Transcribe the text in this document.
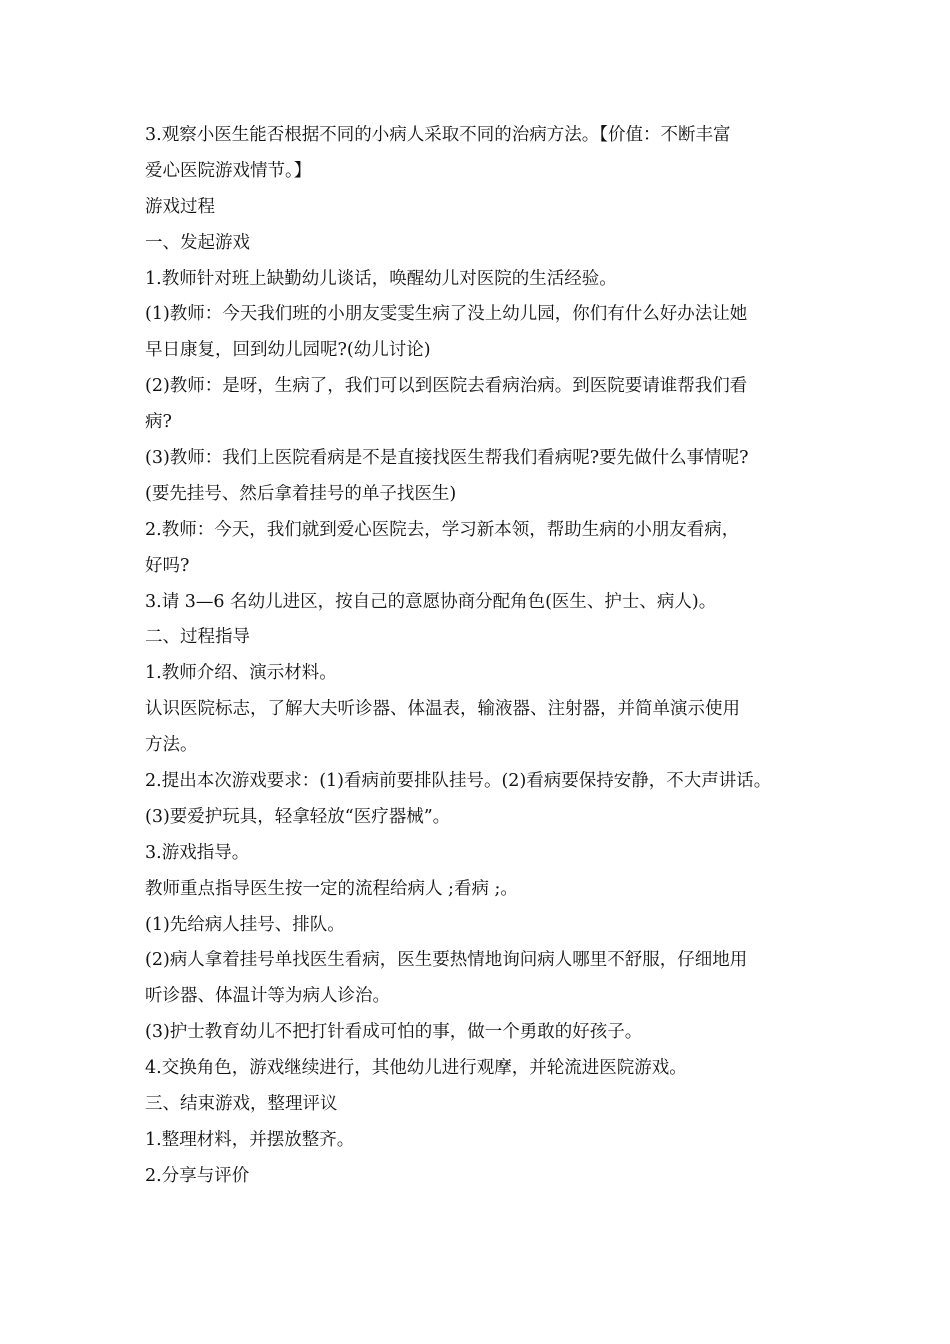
3.观察小医生能否根据不同的小病人采取不同的治病方法。【价值：不断丰富
爱心医院游戏情节。】
游戏过程
一、发起游戏
1.教师针对班上缺勤幼儿谈话，唤醒幼儿对医院的生活经验。
(1)教师：今天我们班的小朋友雯雯生病了没上幼儿园，你们有什么好办法让她
早日康复，回到幼儿园呢?(幼儿讨论)
(2)教师：是呀，生病了，我们可以到医院去看病治病。到医院要请谁帮我们看
病?
(3)教师：我们上医院看病是不是直接找医生帮我们看病呢?要先做什么事情呢?
(要先挂号、然后拿着挂号的单子找医生)
2.教师：今天，我们就到爱心医院去，学习新本领，帮助生病的小朋友看病，
好吗?
3.请 3—6 名幼儿进区，按自己的意愿协商分配角色(医生、护士、病人)。
二、过程指导
1.教师介绍、演示材料。
认识医院标志，了解大夫听诊器、体温表，输液器、注射器，并简单演示使用
方法。
2.提出本次游戏要求：(1)看病前要排队挂号。(2)看病要保持安静，不大声讲话。
(3)要爱护玩具，轻拿轻放“医疗器械”。
3.游戏指导。
教师重点指导医生按一定的流程给病人 ;看病 ;。
(1)先给病人挂号、排队。
(2)病人拿着挂号单找医生看病，医生要热情地询问病人哪里不舒服，仔细地用
听诊器、体温计等为病人诊治。
(3)护士教育幼儿不把打针看成可怕的事，做一个勇敢的好孩子。
4.交换角色，游戏继续进行，其他幼儿进行观摩，并轮流进医院游戏。
三、结束游戏，整理评议
1.整理材料，并摆放整齐。
2.分享与评价
